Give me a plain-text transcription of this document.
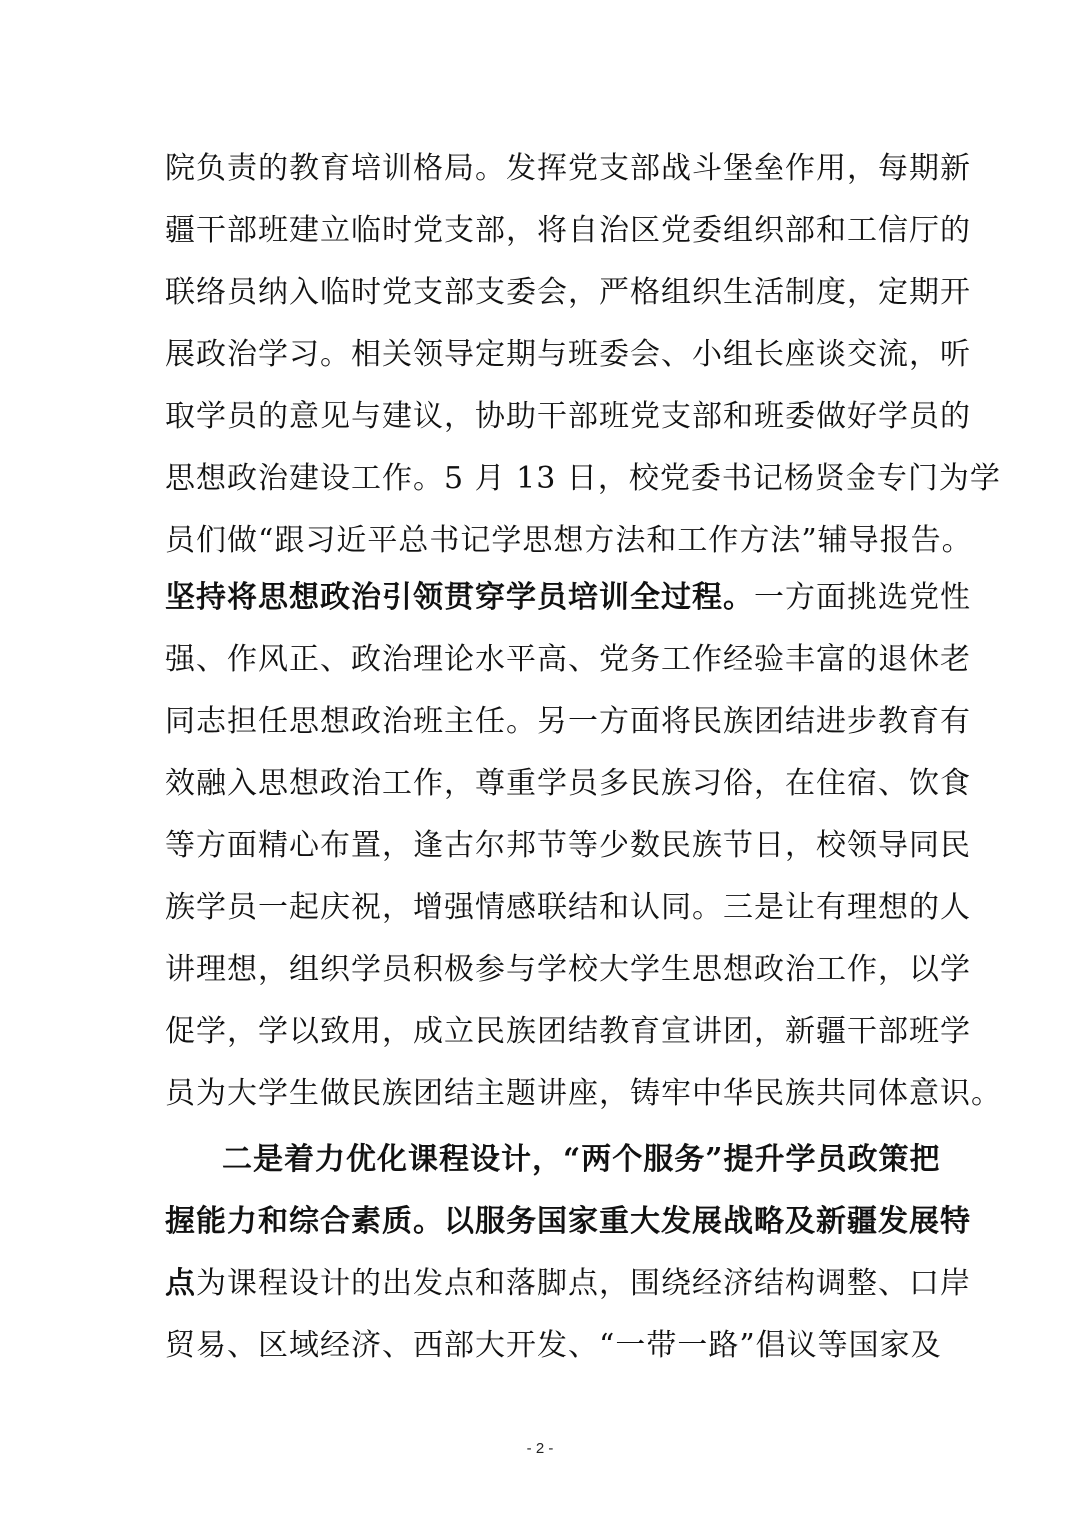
院负责的教育培训格局。发挥党支部战斗堡垒作用，每期新
疆干部班建立临时党支部，将自治区党委组织部和工信厅的
联络员纳入临时党支部支委会，严格组织生活制度，定期开
展政治学习。相关领导定期与班委会、小组长座谈交流，听
取学员的意见与建议，协助干部班党支部和班委做好学员的
思想政治建设工作。5 月 13 日，校党委书记杨贤金专门为学
员们做“跟习近平总书记学思想方法和工作方法”辅导报告。
坚持将思想政治引领贯穿学员培训全过程。一方面挑选党性
强、作风正、政治理论水平高、党务工作经验丰富的退休老
同志担任思想政治班主任。另一方面将民族团结进步教育有
效融入思想政治工作，尊重学员多民族习俗，在住宿、饮食
等方面精心布置，逢古尔邦节等少数民族节日，校领导同民
族学员一起庆祝，增强情感联结和认同。三是让有理想的人
讲理想，组织学员积极参与学校大学生思想政治工作，以学
促学，学以致用，成立民族团结教育宣讲团，新疆干部班学
员为大学生做民族团结主题讲座，铸牢中华民族共同体意识。
二是着力优化课程设计，“两个服务”提升学员政策把
握能力和综合素质。以服务国家重大发展战略及新疆发展特
点为课程设计的出发点和落脚点，围绕经济结构调整、口岸
贸易、区域经济、西部大开发、“一带一路”倡议等国家及
- 2 -
